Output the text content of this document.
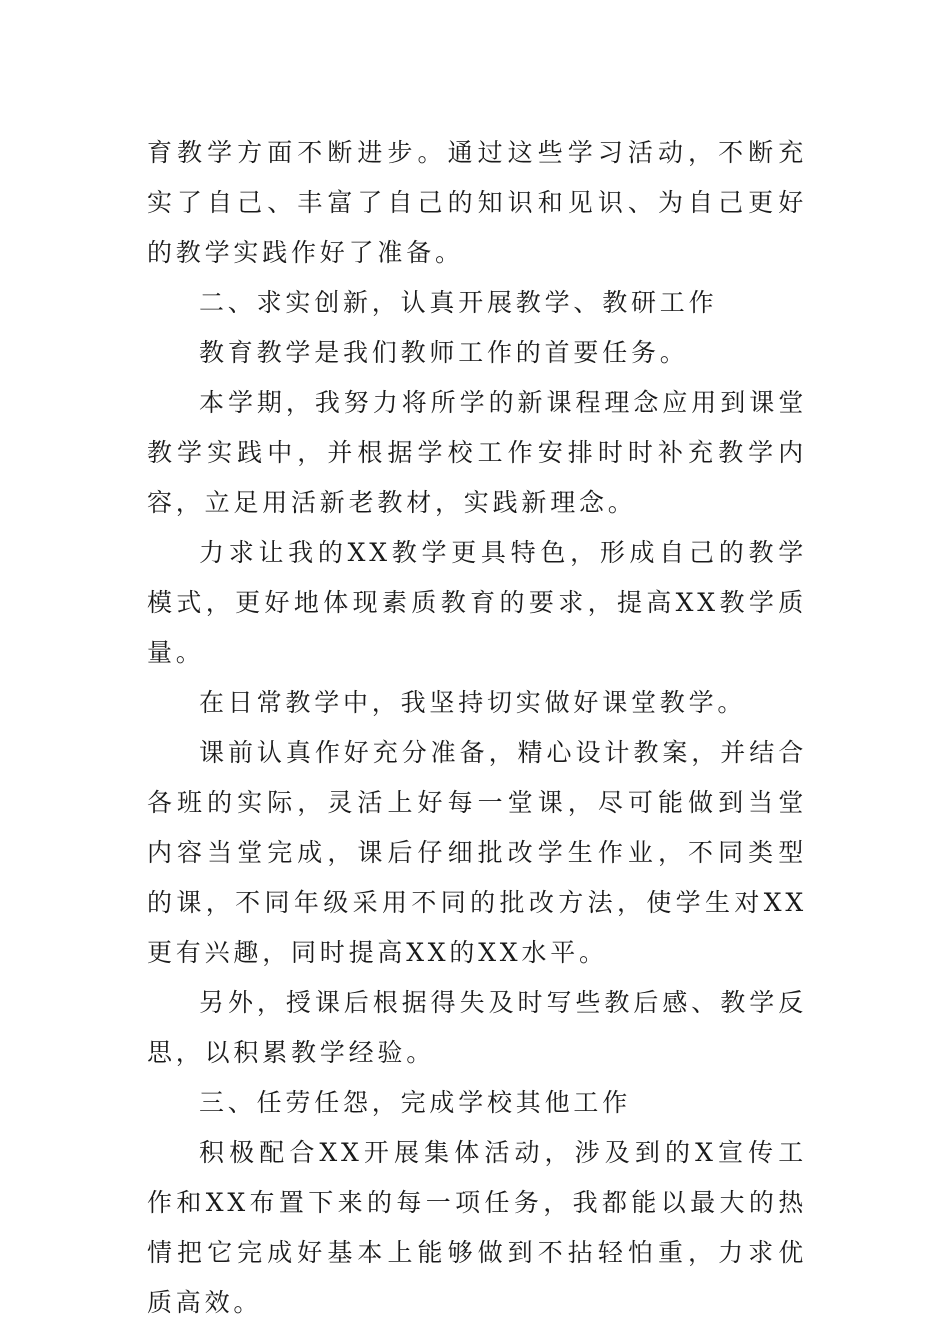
育教学方面不断进步。通过这些学习活动，不断充实了自己、丰富了自己的知识和见识、为自己更好的教学实践作好了准备。

二、求实创新，认真开展教学、教研工作

教育教学是我们教师工作的首要任务。

本学期，我努力将所学的新课程理念应用到课堂教学实践中，并根据学校工作安排时时补充教学内容，立足用活新老教材，实践新理念。

力求让我的XX教学更具特色，形成自己的教学模式，更好地体现素质教育的要求，提高XX教学质量。

在日常教学中，我坚持切实做好课堂教学。

课前认真作好充分准备，精心设计教案，并结合各班的实际，灵活上好每一堂课，尽可能做到当堂内容当堂完成，课后仔细批改学生作业，不同类型的课，不同年级采用不同的批改方法，使学生对XX更有兴趣，同时提高XX的XX水平。

另外，授课后根据得失及时写些教后感、教学反思，以积累教学经验。

三、任劳任怨，完成学校其他工作

积极配合XX开展集体活动，涉及到的X宣传工作和XX布置下来的每一项任务，我都能以最大的热情把它完成好基本上能够做到不拈轻怕重，力求优质高效。
